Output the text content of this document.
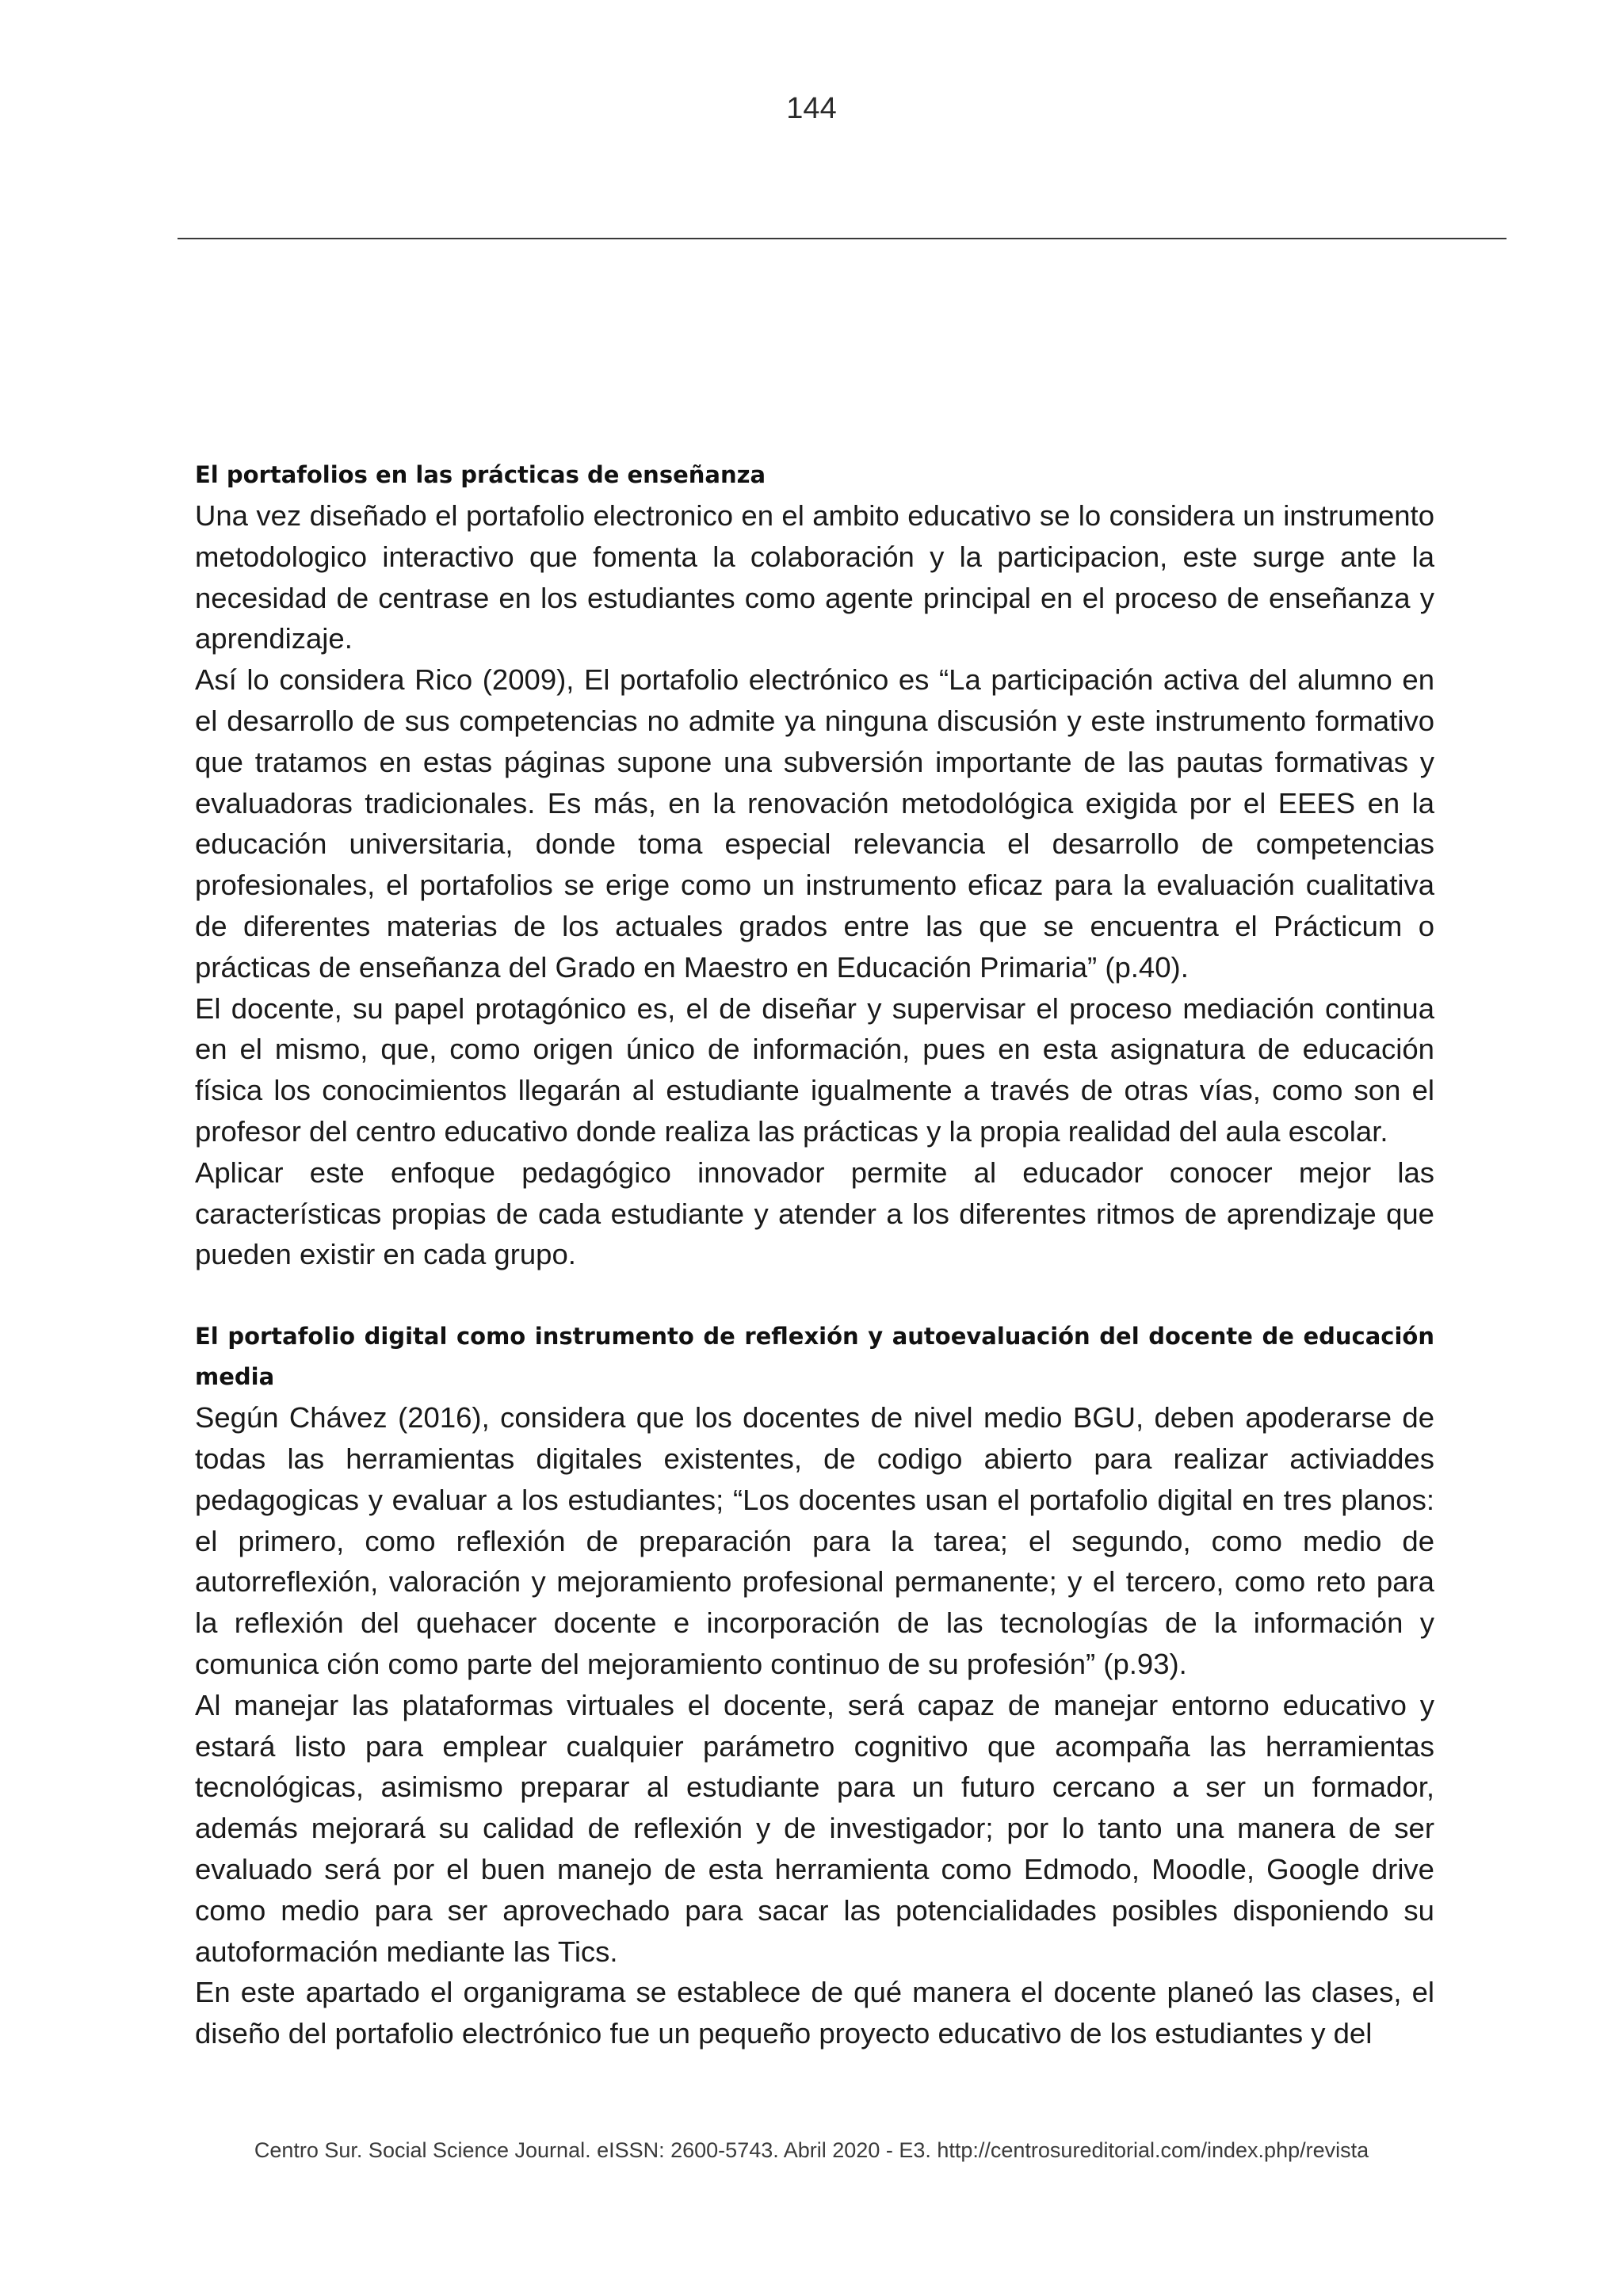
144
El portafolios en las prácticas de enseñanza

Una vez diseñado el portafolio electronico en el ambito educativo se lo considera un instrumento metodologico interactivo que fomenta la colaboración y la participacion, este surge ante la necesidad de centrase en los estudiantes como agente principal en el proceso de enseñanza y aprendizaje.

Así lo considera Rico (2009), El portafolio electrónico es “La participación activa del alumno en el desarrollo de sus competencias no admite ya ninguna discusión y este instrumento formativo que tratamos en estas páginas supone una subversión importante de las pautas formativas y evaluadoras tradicionales. Es más, en la renovación metodológica exigida por el EEES en la educación universitaria, donde toma especial relevancia el desarrollo de competencias profesionales, el portafolios se erige como un instrumento eficaz para la evaluación cualitativa de diferentes materias de los actuales grados entre las que se encuentra el Prácticum o prácticas de enseñanza del Grado en Maestro en Educación Primaria” (p.40).

El docente, su papel protagónico es, el de diseñar y supervisar el proceso mediación continua en el mismo, que, como origen único de información, pues en esta asignatura de educación física los conocimientos llegarán al estudiante igualmente a través de otras vías, como son el profesor del centro educativo donde realiza las prácticas y la propia realidad del aula escolar.

Aplicar este enfoque pedagógico innovador permite al educador conocer mejor las características propias de cada estudiante y atender a los diferentes ritmos de aprendizaje que pueden existir en cada grupo.

El portafolio digital como instrumento de reflexión y autoevaluación del docente de educación media

Según Chávez (2016), considera que los docentes de nivel medio BGU, deben apoderarse de todas las herramientas digitales existentes, de codigo abierto para realizar activiaddes pedagogicas y evaluar a los estudiantes; “Los docentes usan el portafolio digital en tres planos: el primero, como reflexión de preparación para la tarea; el segundo, como medio de autorreflexión, valoración y mejoramiento profesional permanente; y el tercero, como reto para la reflexión del quehacer docente e incorporación de las tecnologías de la información y comunica ción como parte del mejoramiento continuo de su profesión” (p.93).

Al manejar las plataformas virtuales el docente, será capaz de manejar entorno educativo y estará listo para emplear cualquier parámetro cognitivo que acompaña las herramientas tecnológicas, asimismo preparar al estudiante para un futuro cercano a ser un formador, además mejorará su calidad de reflexión y de investigador; por lo tanto una manera de ser evaluado será por el buen manejo de esta herramienta como Edmodo, Moodle, Google drive como medio para ser aprovechado para sacar las potencialidades posibles disponiendo su autoformación mediante las Tics.

En este apartado el organigrama se establece de qué manera el docente planeó las clases, el diseño del portafolio electrónico fue un pequeño proyecto educativo de los estudiantes y del

Centro Sur. Social Science Journal. eISSN: 2600-5743. Abril 2020 - E3. http://centrosureditorial.com/index.php/revista
